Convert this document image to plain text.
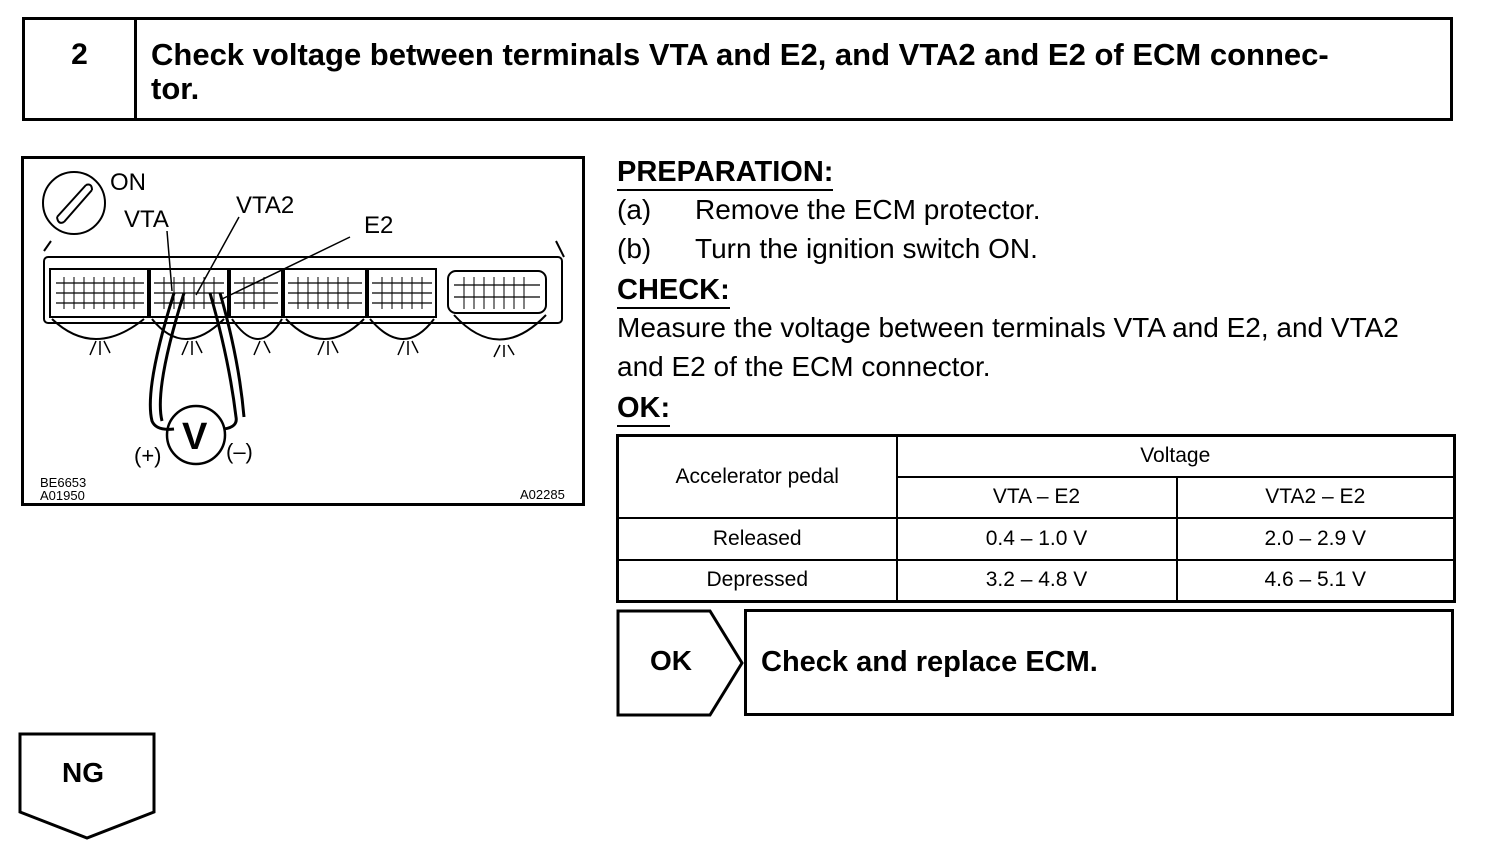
2	Check voltage between terminals VTA and E2, and VTA2 and E2 of ECM connec-
tor.
ON
VTA
VTA2
E2
V
(+)	(–)
BE6653
A01950	A02285
PREPARATION:
(a) Remove the ECM protector.
(b) Turn the ignition switch ON.
CHECK:
Measure the voltage between terminals VTA and E2, and VTA2
and E2 of the ECM connector.
OK:
Accelerator pedal	Voltage	
	VTA – E2	VTA2 – E2
Released	0.4 – 1.0 V	2.0 – 2.9 V
Depressed	3.2 – 4.8 V	4.6 – 5.1 V
OK Check and replace ECM.
NG
